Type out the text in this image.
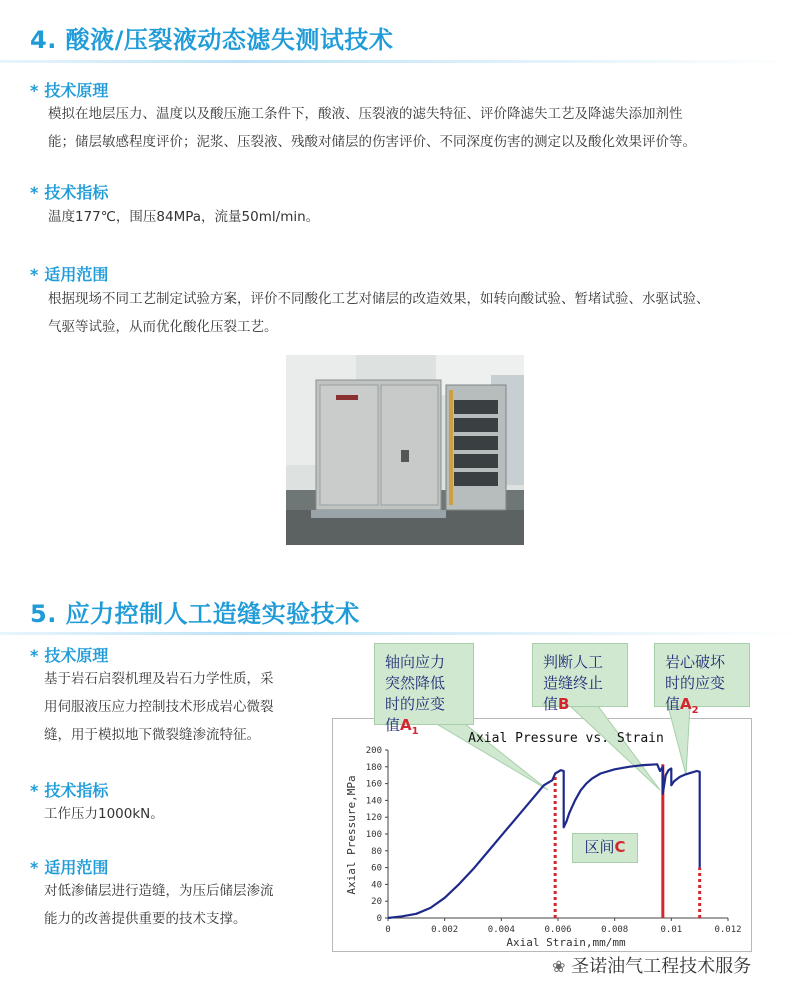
4. 酸液/压裂液动态滤失测试技术
* 技术原理
模拟在地层压力、温度以及酸压施工条件下，酸液、压裂液的滤失特征、评价降滤失工艺及降滤失添加剂性
能；储层敏感程度评价；泥浆、压裂液、残酸对储层的伤害评价、不同深度伤害的测定以及酸化效果评价等。
* 技术指标
温度177℃，围压84MPa，流量50ml/min。
* 适用范围
根据现场不同工艺制定试验方案，评价不同酸化工艺对储层的改造效果，如转向酸试验、暂堵试验、水驱试验、
气驱等试验，从而优化酸化压裂工艺。
5. 应力控制人工造缝实验技术
* 技术原理
基于岩石启裂机理及岩石力学性质，采
用伺服液压应力控制技术形成岩心微裂
缝，用于模拟地下微裂缝渗流特征。
* 技术指标
工作压力1000kN。
* 适用范围
对低渗储层进行造缝，为压后储层渗流
能力的改善提供重要的技术支撑。
Axial Pressure vs. Strain
Axial Strain,mm/mm
Axial Pressure,MPa
0	0.002	0.004	0.006	0.008	0.01	0.012
0
20
40
60
80
100
120
140
160
180
200
轴向应力
突然降低
时的应变
值$A_1$
判断人工
造缝终止
值B
岩心破坏
时的应变
值$A_2$
区间C
❀ 圣诺油气工程技术服务
